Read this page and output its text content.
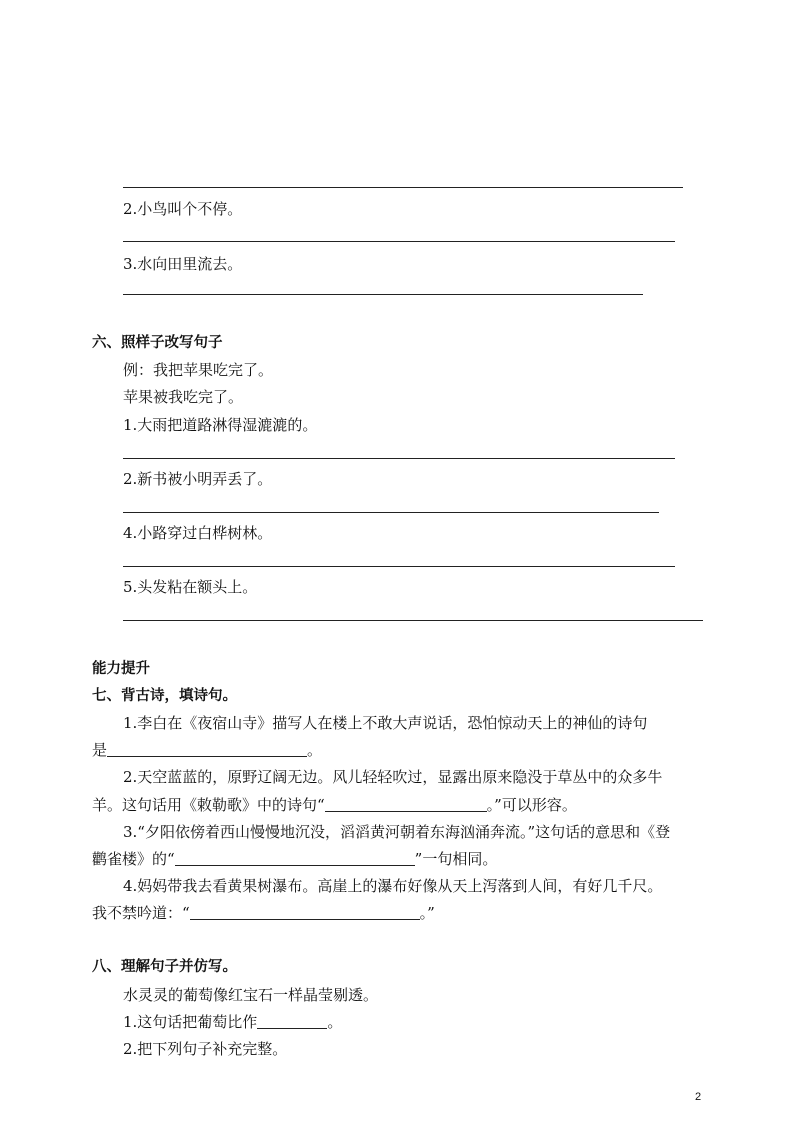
2.小鸟叫个不停。
3.水向田里流去。
六、照样子改写句子
例：我把苹果吃完了。
苹果被我吃完了。
1.大雨把道路淋得湿漉漉的。
2.新书被小明弄丢了。
4.小路穿过白桦树林。
5.头发粘在额头上。
能力提升
七、背古诗，填诗句。
1.李白在《夜宿山寺》描写人在楼上不敢大声说话，恐怕惊动天上的神仙的诗句
是	。
2.天空蓝蓝的，原野辽阔无边。风儿轻轻吹过，显露出原来隐没于草丛中的众多牛
羊。这句话用《敕勒歌》中的诗句“	。”可以形容。
3.“夕阳依傍着西山慢慢地沉没，滔滔黄河朝着东海汹涌奔流。”这句话的意思和《登
鹳雀楼》的“	”一句相同。
4.妈妈带我去看黄果树瀑布。高崖上的瀑布好像从天上泻落到人间，有好几千尺。
我不禁吟道：“	。”
八、理解句子并仿写。
水灵灵的葡萄像红宝石一样晶莹剔透。
1.这句话把葡萄比作	。
2.把下列句子补充完整。
2
